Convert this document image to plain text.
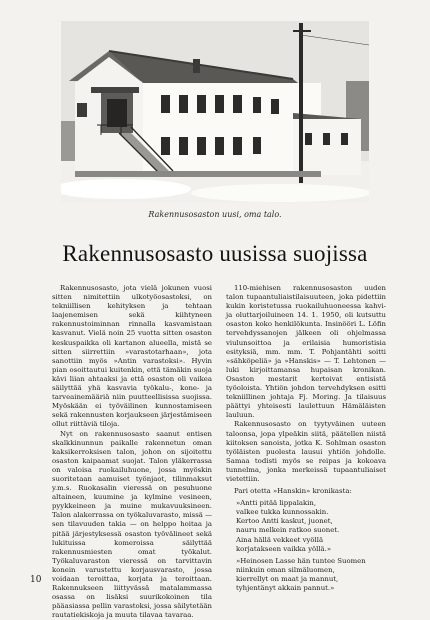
Rakennusosaston uusi, oma talo.
Rakennusosasto uusissa suojissa

Rakennusosasto, jota vielä jokunen vuosi sitten nimitettiin ulkotyöosastoksi, on tekniillisen kehityksen ja tehtaan laajenemisen sekä kiihtyneen rakennustoiminnan rinnalla kasvamistaan kasvanut. Vielä noin 25 vuotta sitten osaston keskuspaikka oli kartanon alueella, mistä se sitten siirrettiin »varastotarhaan», jota sanottiin myös »Antin varastoksi». Hyvin pian osoittautui kuitenkin, että tämäkin suoja kävi liian ahtaaksi ja että osaston oli vaikea säilyttää yhä kasvavia työkalu-, kone- ja tarveainemääriä niin puutteellisissa suojissa. Myöskään ei työväilinen kunnostamiseen sekä rakennusten korjaukseen järjestämiseen ollut riittäviä tiloja.

Nyt on rakennusosasto saanut entisen skalkkinunnun paikalle rakennetun oman kaksikerroksisen talon, johon on sijoitettu osaston kaipaamat suojat. Talon yläkerrassa on valoisa ruokailuhuone, jossa myöskin suoritetaan aamuiset työnjaot, tilinmaksut y.m.s. Ruokasalin vieressä on pesuhuone altaineen, kuumine ja kylmine vesineen, pyykkeineen ja muine mukavuuksineen. Talon alakerrassa on työkaluvarasto, missä — sen tilavuuden takia — on helppo hoitaa ja pitää järjestyksessä osaston työvälineet sekä lukituissa komeroissa säilyttää rakennusmiesten omat työkalut. Työkaluvaraston vieressä on tarvittavin konein varustettu korjausvarasto, jossa voidaan teroittaa, korjata ja teroittaan. Rakennukseen liittyvässä matalammassa osassa on lisäksi suurikokoinen tila pääasiassa pellin varastoksi, jossa säilytetään rautatiekiskoja ja muuta tilavaa tavaraa.

110-miehisen rakennusosaston uuden talon tupaantuliaistilaisuuteen, joka pidettiin kukin koristetussa ruokailuhuoneessa kahvi- ja oluttarjoiluineen 14. 1. 1950, oli kutsuttu osaston koko henkilökunta. Insinööri L. Löfin tervehdyssanojen jälkeen oli ohjelmassa viulunsoittoa ja erilaisia humoristisia esityksiä, mm. mm. T. Pohjantähti soitti »sähköpeliä» ja »Hanskis» — T. Lehtonen — luki kirjoittamansa hupaisan kronikan. Osaston mestarit kertoivat entisistä työoloista. Yhtiön johdon tervehdyksen esitti tekniillinen johtaja Fj. Moring. Ja tilaisuus päättyi yhteisesti laulettuun Hämäläisten lauluun.

Rakennusosasto on tyytyväinen uuteen taloonsa, jopa ylpeäkin siitä, päätellen niistä kiitoksen sanoista, jotka K. Sohlman osaston työläisten puolesta lausui yhtiön johdolle. Samaa todisti myös se reipas ja kokoava tunnelma, jonka merkeissä tupaantuliaiset vietettiin.

Pari otetta »Hanskin» kronikasta:

»Antti pitää lippalakin,
valkee tukka kunnossakin.
Kertoo Antti kaskut, juonet,
nauru melkein ratkoo suonet.
Aina hällä vekkeet vyöllä
korjatakseen vaikka yöllä.»
»Heinosen Lasse hän tuntee Suomen
niinkuin oman silmäluomen,
kierrellyt on maat ja mannut,
tyhjentänyt akkain pannut.»
10
